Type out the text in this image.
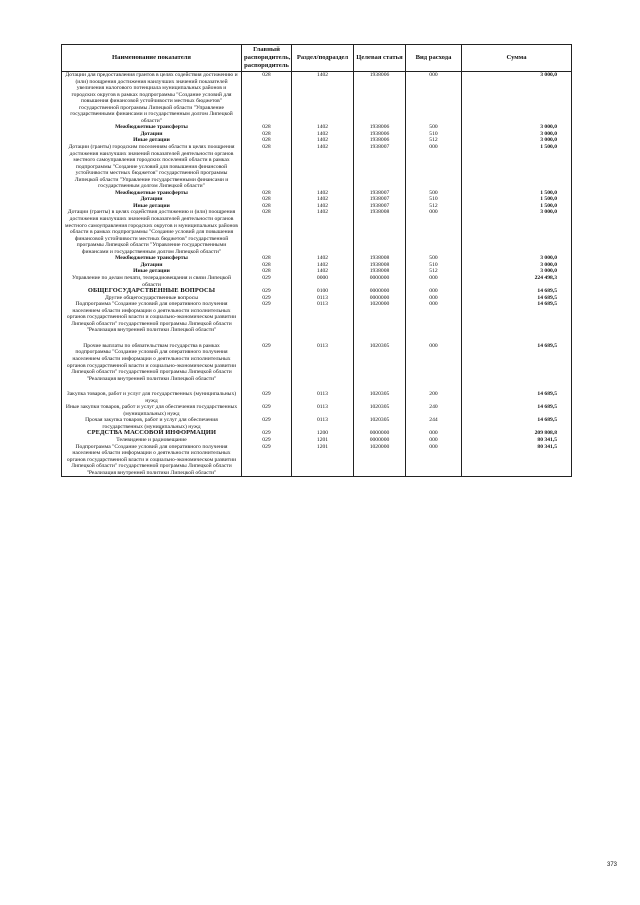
Наименование показателя	Главный распорядитель, распорядитель	Раздел/подраздел	Целевая статья	Вид расхода	Сумма
Дотации для предоставления грантов в целях содействия достижению и (или) поощрения достижения наилучших значений показателей увеличения налогового потенциала муниципальных районов и городских округов в рамках подпрограммы "Создание условий для повышения финансовой устойчивости местных бюджетов" государственной программы Липецкой области "Управление государственными финансами и государственным долгом Липецкой области"	028	1402	1938006	000	3 000,0
Межбюджетные трансферты	028	1402	1938006	500	3 000,0
Дотации	028	1402	1938006	510	3 000,0
Иные дотации	028	1402	1938006	512	3 000,0
Дотации (гранты) городским поселениям области в целях поощрения достижения наилучших значений показателей деятельности органов местного самоуправления городских поселений области в рамках подпрограммы "Создание условий для повышения финансовой устойчивости местных бюджетов" государственной программы Липецкой области "Управление государственными финансами и государственным долгом Липецкой области"	028	1402	1938007	000	1 500,0
Межбюджетные трансферты	028	1402	1938007	500	1 500,0
Дотации	028	1402	1938007	510	1 500,0
Иные дотации	028	1402	1938007	512	1 500,0
Дотации (гранты) в целях содействия достижению и (или) поощрения достижения наилучших значений показателей деятельности органов местного самоуправления городских округов и муниципальных районов области в рамках подпрограммы "Создание условий для повышения финансовой устойчивости местных бюджетов" государственной программы Липецкой области "Управление государственными финансами и государственным долгом Липецкой области"	028	1402	1938008	000	3 000,0
Межбюджетные трансферты	028	1402	1938008	500	3 000,0
Дотации	028	1402	1938008	510	3 000,0
Иные дотации	028	1402	1938008	512	3 000,0
Управление по делам печати, телерадиовещания и связи Липецкой области	029	0000	0000000	000	224 498,3
ОБЩЕГОСУДАРСТВЕННЫЕ ВОПРОСЫ	029	0100	0000000	000	14 689,5
Другие общегосударственные вопросы	029	0113	0000000	000	14 689,5
Подпрограмма "Создание условий для оперативного получения населением области информации о деятельности исполнительных органов государственной власти и социально-экономическом развитии Липецкой области" государственной программы Липецкой области "Реализация внутренней политики Липецкой области"	029	0113	1020000	000	14 689,5

Прочие выплаты по обязательствам государства в рамках подпрограммы "Создание условий для оперативного получения населением области информации о деятельности исполнительных органов государственной власти и социально-экономическом развитии Липецкой области" государственной программы Липецкой области "Реализация внутренней политики Липецкой области"	029	0113	1020305	000	14 689,5

Закупка товаров, работ и услуг для государственных (муниципальных) нужд	029	0113	1020305	200	14 689,5
Иные закупки товаров, работ и услуг для обеспечения государственных (муниципальных) нужд	029	0113	1020305	240	14 689,5
Прочая закупка товаров, работ и услуг для обеспечения государственных (муниципальных) нужд	029	0113	1020305	244	14 689,5
СРЕДСТВА МАССОВОЙ ИНФОРМАЦИИ	029	1200	0000000	000	209 808,8
Телевидение и радиовещание	029	1201	0000000	000	80 341,5
Подпрограмма "Создание условий для оперативного получения населением области информации о деятельности исполнительных органов государственной власти и социально-экономическом развитии Липецкой области" государственной программы Липецкой области "Реализация внутренней политики Липецкой области"	029	1201	1020000	000	80 341,5
373
